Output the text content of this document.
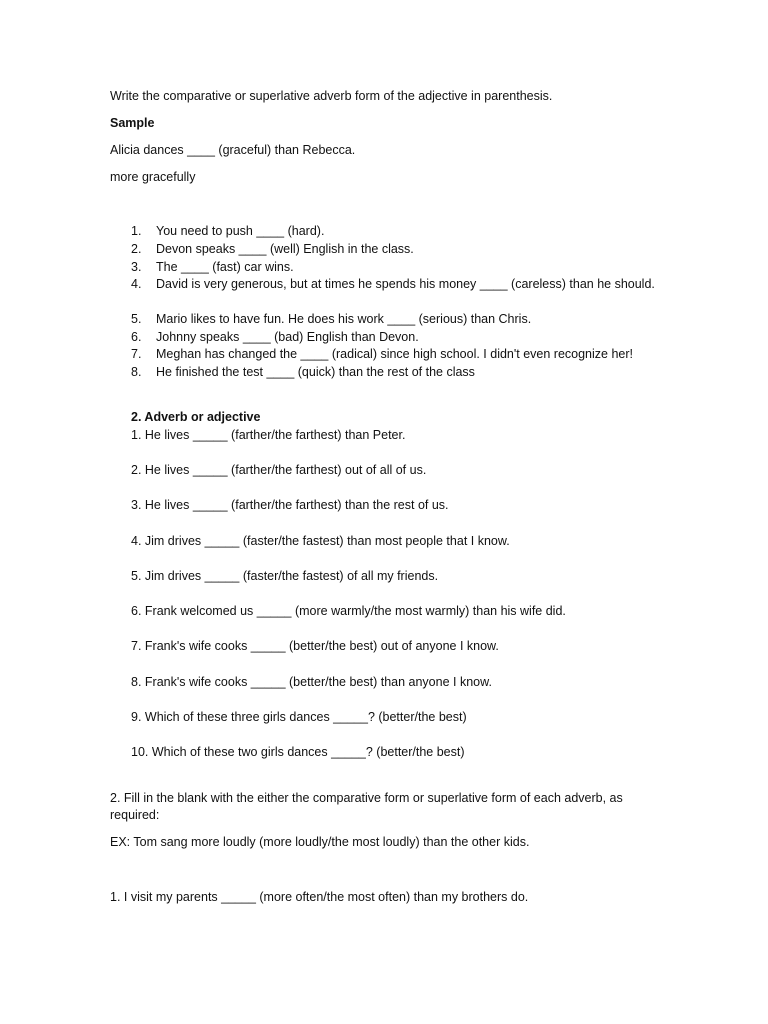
Write the comparative or superlative adverb form of the adjective in parenthesis.
Sample
Alicia dances ____ (graceful) than Rebecca.
more gracefully
1.	You need to push ____ (hard).
2.	Devon speaks ____ (well) English in the class.
3.	The ____ (fast) car wins.
4.	David is very generous, but at times he spends his money ____ (careless) than he should.
5.	Mario likes to have fun. He does his work ____ (serious) than Chris.
6.	Johnny speaks ____ (bad) English than Devon.
7.	Meghan has changed the ____ (radical) since high school. I didn't even recognize her!
8.	He finished the test ____ (quick) than the rest of the class
2. Adverb or adjective
1. He lives _____ (farther/the farthest) than Peter.
2. He lives _____ (farther/the farthest) out of all of us.
3. He lives _____ (farther/the farthest) than the rest of us.
4. Jim drives _____ (faster/the fastest) than most people that I know.
5. Jim drives _____ (faster/the fastest) of all my friends.
6. Frank welcomed us _____ (more warmly/the most warmly) than his wife did.
7. Frank's wife cooks _____ (better/the best) out of anyone I know.
8. Frank's wife cooks _____ (better/the best) than anyone I know.
9. Which of these three girls dances _____? (better/the best)
10. Which of these two girls dances _____? (better/the best)
2. Fill in the blank with the either the comparative form or superlative form of each adverb, as
required:
EX: Tom sang more loudly (more loudly/the most loudly) than the other kids.
1. I visit my parents _____ (more often/the most often) than my brothers do.
